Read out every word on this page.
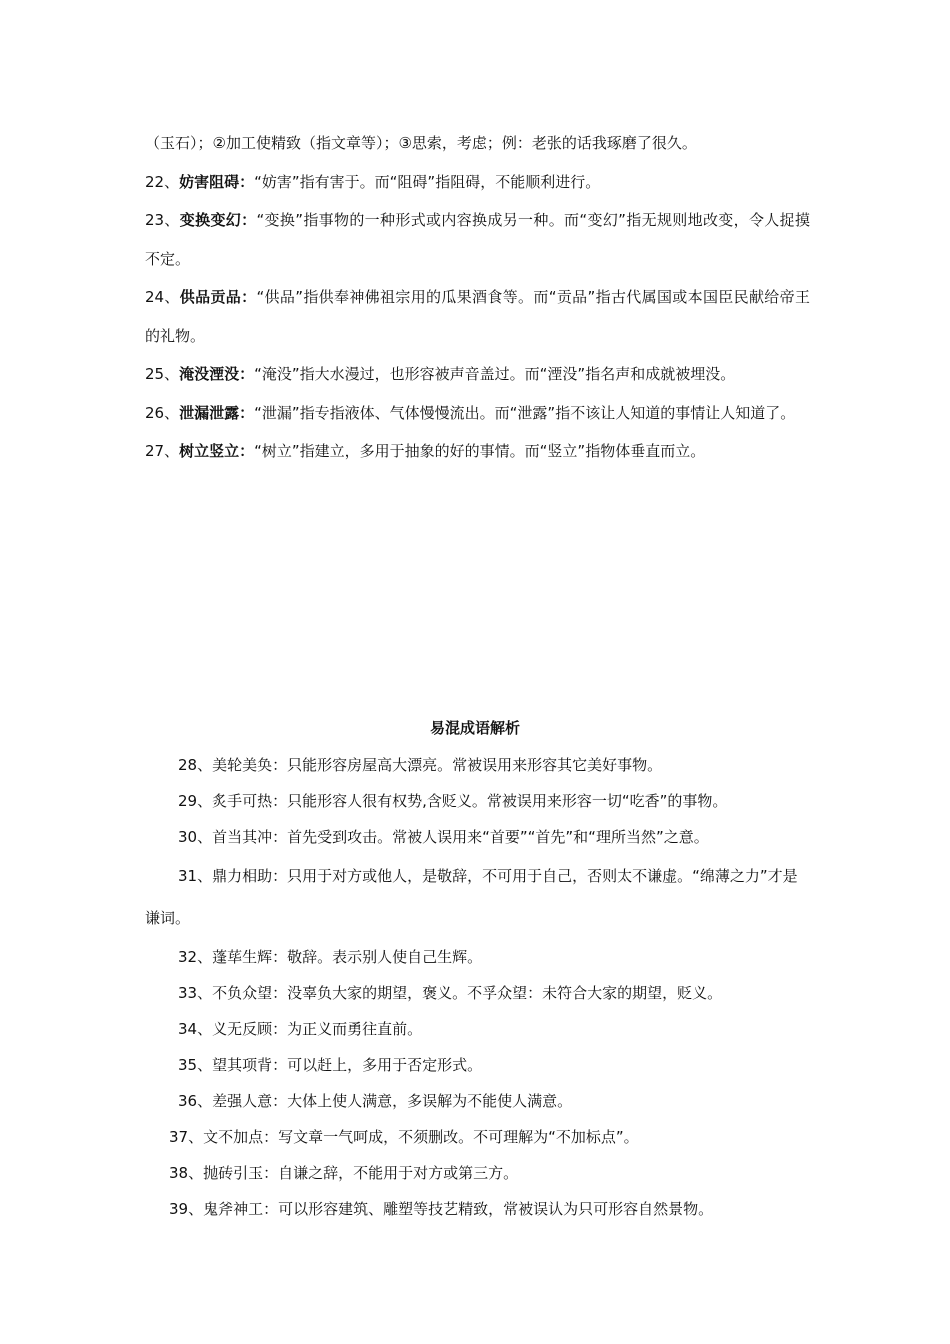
（玉石）；②加工使精致（指文章等）；③思索，考虑；例：老张的话我琢磨了很久。

22、妨害阻碍：“妨害”指有害于。而“阻碍”指阻碍，不能顺利进行。

23、变换变幻：“变换”指事物的一种形式或内容换成另一种。而“变幻”指无规则地改变，令人捉摸不定。

24、供品贡品：“供品”指供奉神佛祖宗用的瓜果酒食等。而“贡品”指古代属国或本国臣民献给帝王的礼物。

25、淹没湮没：“淹没”指大水漫过，也形容被声音盖过。而“湮没”指名声和成就被埋没。

26、泄漏泄露：“泄漏”指专指液体、气体慢慢流出。而“泄露”指不该让人知道的事情让人知道了。

27、树立竖立：“树立”指建立，多用于抽象的好的事情。而“竖立”指物体垂直而立。

易混成语解析

28、美轮美奂：只能形容房屋高大漂亮。常被误用来形容其它美好事物。

29、炙手可热：只能形容人很有权势,含贬义。常被误用来形容一切“吃香”的事物。

30、首当其冲：首先受到攻击。常被人误用来“首要”“首先”和“理所当然”之意。

31、鼎力相助：只用于对方或他人，是敬辞，不可用于自己，否则太不谦虚。“绵薄之力”才是谦词。

32、蓬荜生辉：敬辞。表示别人使自己生辉。

33、不负众望：没辜负大家的期望，褒义。不孚众望：未符合大家的期望，贬义。

34、义无反顾：为正义而勇往直前。

35、望其项背：可以赶上，多用于否定形式。

36、差强人意：大体上使人满意，多误解为不能使人满意。

37、文不加点：写文章一气呵成，不须删改。不可理解为“不加标点”。

38、抛砖引玉：自谦之辞，不能用于对方或第三方。

39、鬼斧神工：可以形容建筑、雕塑等技艺精致，常被误认为只可形容自然景物。
